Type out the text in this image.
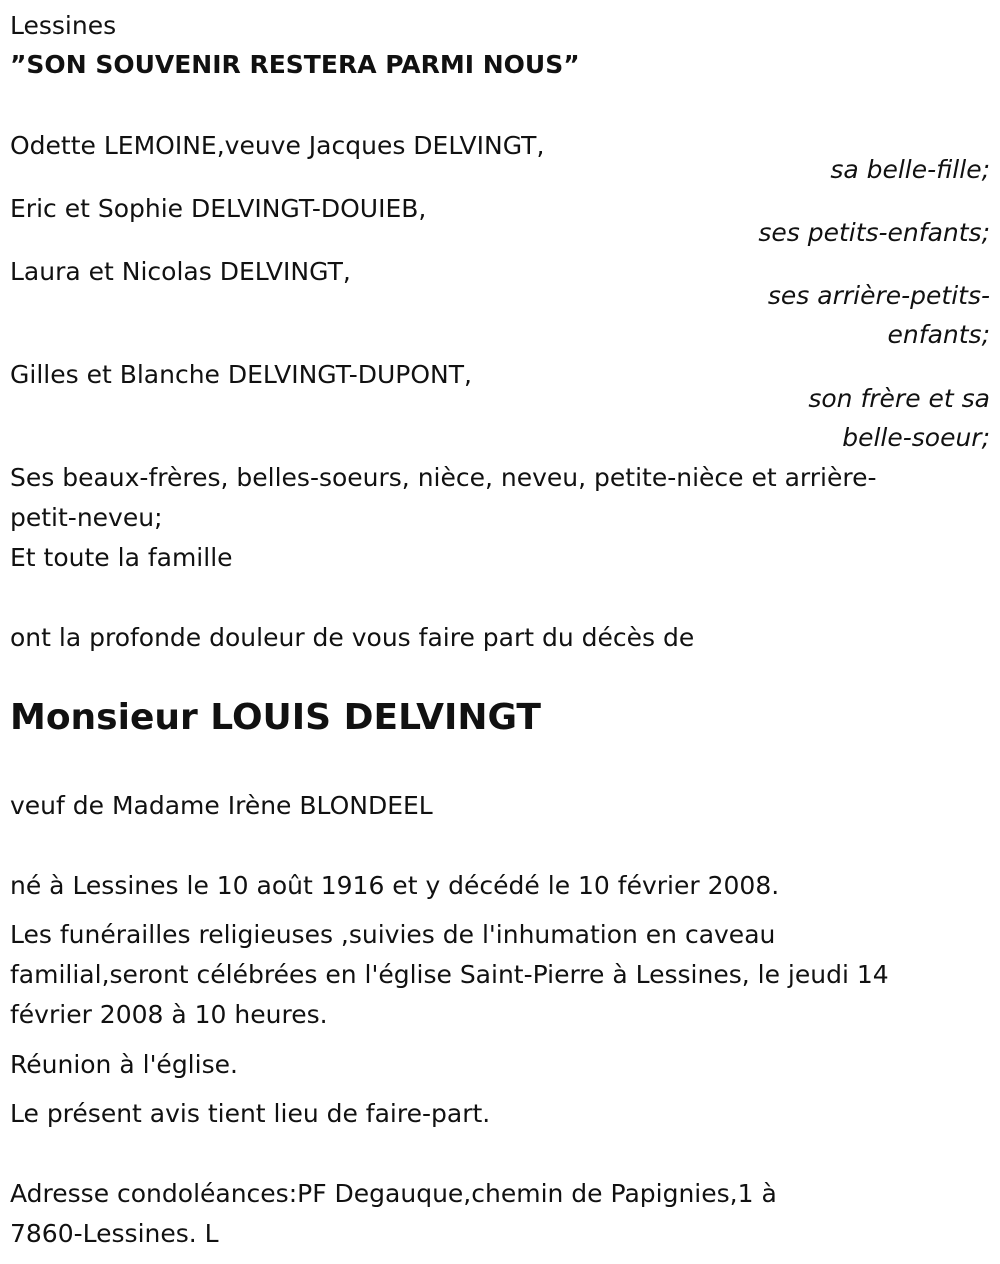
Lessines
”SON SOUVENIR RESTERA PARMI NOUS”
Odette LEMOINE,veuve Jacques DELVINGT,
sa belle-fille;
Eric et Sophie DELVINGT-DOUIEB,
ses petits-enfants;
Laura et Nicolas DELVINGT,
ses arrière-petits-
enfants;
Gilles et Blanche DELVINGT-DUPONT,
son frère et sa
belle-soeur;
Ses beaux-frères, belles-soeurs, nièce, neveu, petite-nièce et arrière-
petit-neveu;
Et toute la famille
ont la profonde douleur de vous faire part du décès de
Monsieur LOUIS DELVINGT
veuf de Madame Irène BLONDEEL
né à Lessines le 10 août 1916 et y décédé le 10 février 2008.
Les funérailles religieuses ,suivies de l'inhumation en caveau
familial,seront célébrées en l'église Saint-Pierre à Lessines, le jeudi 14
février 2008 à 10 heures.
Réunion à l'église.
Le présent avis tient lieu de faire-part.
Adresse condoléances:PF Degauque,chemin de Papignies,1 à
7860-Lessines. L
